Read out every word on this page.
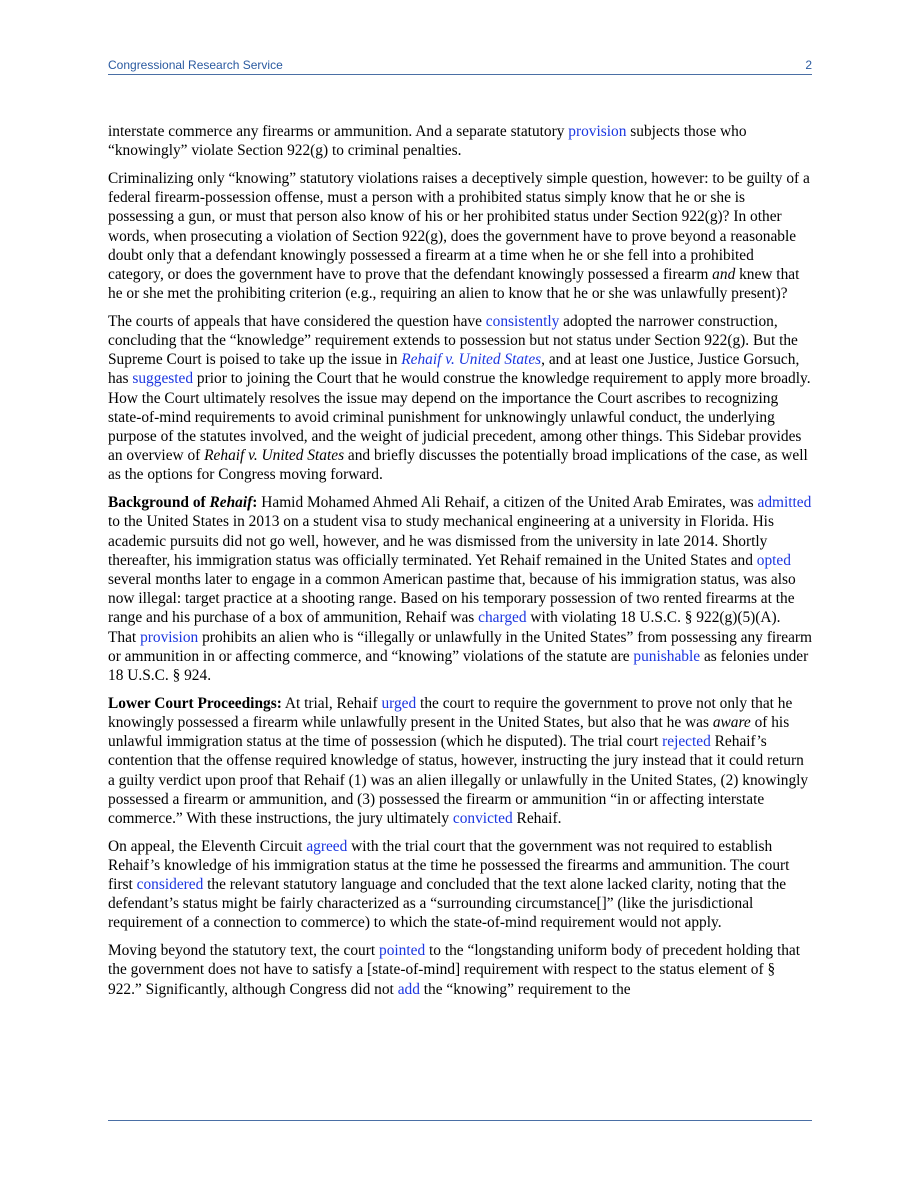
Congressional Research Service	2

interstate commerce any firearms or ammunition. And a separate statutory provision subjects those who “knowingly” violate Section 922(g) to criminal penalties.

Criminalizing only “knowing” statutory violations raises a deceptively simple question, however: to be guilty of a federal firearm-possession offense, must a person with a prohibited status simply know that he or she is possessing a gun, or must that person also know of his or her prohibited status under Section 922(g)? In other words, when prosecuting a violation of Section 922(g), does the government have to prove beyond a reasonable doubt only that a defendant knowingly possessed a firearm at a time when he or she fell into a prohibited category, or does the government have to prove that the defendant knowingly possessed a firearm and knew that he or she met the prohibiting criterion (e.g., requiring an alien to know that he or she was unlawfully present)?

The courts of appeals that have considered the question have consistently adopted the narrower construction, concluding that the “knowledge” requirement extends to possession but not status under Section 922(g). But the Supreme Court is poised to take up the issue in Rehaif v. United States, and at least one Justice, Justice Gorsuch, has suggested prior to joining the Court that he would construe the knowledge requirement to apply more broadly. How the Court ultimately resolves the issue may depend on the importance the Court ascribes to recognizing state-of-mind requirements to avoid criminal punishment for unknowingly unlawful conduct, the underlying purpose of the statutes involved, and the weight of judicial precedent, among other things. This Sidebar provides an overview of Rehaif v. United States and briefly discusses the potentially broad implications of the case, as well as the options for Congress moving forward.

Background of Rehaif: Hamid Mohamed Ahmed Ali Rehaif, a citizen of the United Arab Emirates, was admitted to the United States in 2013 on a student visa to study mechanical engineering at a university in Florida. His academic pursuits did not go well, however, and he was dismissed from the university in late 2014. Shortly thereafter, his immigration status was officially terminated. Yet Rehaif remained in the United States and opted several months later to engage in a common American pastime that, because of his immigration status, was also now illegal: target practice at a shooting range. Based on his temporary possession of two rented firearms at the range and his purchase of a box of ammunition, Rehaif was charged with violating 18 U.S.C. § 922(g)(5)(A). That provision prohibits an alien who is “illegally or unlawfully in the United States” from possessing any firearm or ammunition in or affecting commerce, and “knowing” violations of the statute are punishable as felonies under 18 U.S.C. § 924.

Lower Court Proceedings: At trial, Rehaif urged the court to require the government to prove not only that he knowingly possessed a firearm while unlawfully present in the United States, but also that he was aware of his unlawful immigration status at the time of possession (which he disputed). The trial court rejected Rehaif’s contention that the offense required knowledge of status, however, instructing the jury instead that it could return a guilty verdict upon proof that Rehaif (1) was an alien illegally or unlawfully in the United States, (2) knowingly possessed a firearm or ammunition, and (3) possessed the firearm or ammunition “in or affecting interstate commerce.” With these instructions, the jury ultimately convicted Rehaif.

On appeal, the Eleventh Circuit agreed with the trial court that the government was not required to establish Rehaif’s knowledge of his immigration status at the time he possessed the firearms and ammunition. The court first considered the relevant statutory language and concluded that the text alone lacked clarity, noting that the defendant’s status might be fairly characterized as a “surrounding circumstance[]” (like the jurisdictional requirement of a connection to commerce) to which the state-of-mind requirement would not apply.

Moving beyond the statutory text, the court pointed to the “longstanding uniform body of precedent holding that the government does not have to satisfy a [state-of-mind] requirement with respect to the status element of § 922.” Significantly, although Congress did not add the “knowing” requirement to the
